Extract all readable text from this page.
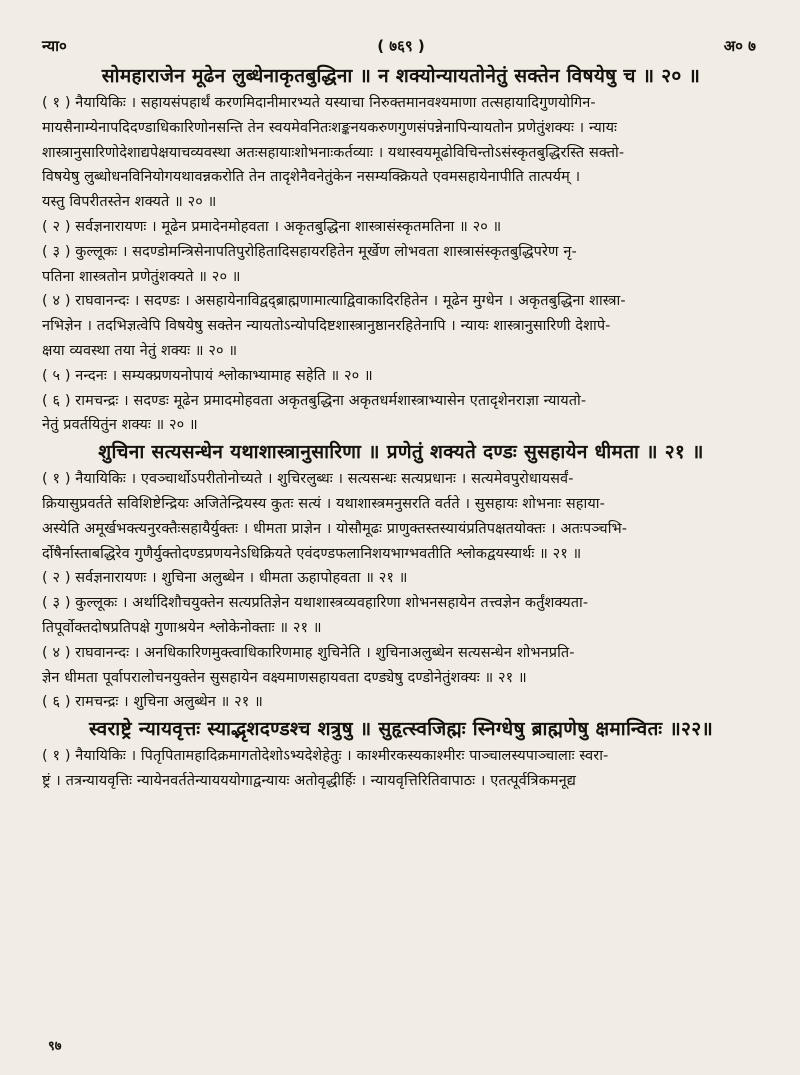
न्या०	( ७६९ )	अ० ७
सोमहाराजेन मूढेन लुब्धेनाकृतबुद्धिना ॥ न शक्योन्यायतोनेतुं सक्तेन विषयेषु च ॥ २० ॥
( १ ) नैयायिकिः । सहायसंपहार्थं करणमिदानीमारभ्यते यस्याचा निरुक्तमानवश्यमाणा तत्सहायादिगुणयोगिन-
मायसैनाम्येनापदिदण्डाधिकारिणोनसन्ति तेन स्वयमेवनितःशङ्कनयकरुणगुणसंपन्नेनापिन्यायतोन प्रणेतुंशक्यः । न्यायः
शास्त्रानुसारिणोदेशाद्यपेक्षयाचव्यवस्था अतःसहायाःशोभनाःकर्तव्याः । यथास्वयमूढोविचिन्तोऽसंस्कृतबुद्धिरस्ति सक्तो-
विषयेषु लुब्धोधनविनियोगयथावन्नकरोति तेन तादृशेनैवनेतुंकेन नसम्यक्क्रियते एवमसहायेनापीति तात्पर्यम् ।
यस्तु विपरीतस्तेन शक्यते ॥ २० ॥
( २ ) सर्वज्ञनारायणः । मूढेन प्रमादेनमोहवता । अकृतबुद्धिना शास्त्रासंस्कृतमतिना ॥ २० ॥
( ३ ) कुल्लूकः । सदण्डोमन्त्रिसेनापतिपुरोहितादिसहायरहितेन मूर्खेण लोभवता शास्त्रासंस्कृतबुद्धिपरेण नृ-
पतिना शास्त्रतोन प्रणेतुंशक्यते ॥ २० ॥
( ४ ) राघवानन्दः । सदण्डः । असहायेनाविद्वद्ब्राह्मणामात्याद्विवाकादिरहितेन । मूढेन मुग्धेन । अकृतबुद्धिना शास्त्रा-
नभिज्ञेन । तदभिज्ञत्वेपि विषयेषु सक्तेन न्यायतोऽन्योपदिष्टशास्त्रानुष्ठानरहितेनापि । न्यायः शास्त्रानुसारिणी देशापे-
क्षया व्यवस्था तया नेतुं शक्यः ॥ २० ॥
( ५ ) नन्दनः । सम्यक्प्रणयनोपायं श्लोकाभ्यामाह सहेति ॥ २० ॥
( ६ ) रामचन्द्रः । सदण्डः मूढेन प्रमादमोहवता अकृतबुद्धिना अकृतधर्मशास्त्राभ्यासेन एतादृशेनराज्ञा न्यायतो-
नेतुं प्रवर्तयितुंन शक्यः ॥ २० ॥
शुचिना सत्यसन्धेन यथाशास्त्रानुसारिणा ॥ प्रणेतुं शक्यते दण्डः सुसहायेन धीमता ॥ २१ ॥
( १ ) नैयायिकिः । एवञ्चार्थोऽपरीतोनोच्यते । शुचिरलुब्धः । सत्यसन्धः सत्यप्रधानः । सत्यमेवपुरोधायसर्वं-
क्रियासुप्रवर्तते सविशिष्टेन्द्रियः अजितेन्द्रियस्य कुतः सत्यं । यथाशास्त्रमनुसरति वर्तते । सुसहायः शोभनाः सहाया-
अस्येति अमूर्खभक्त्यनुरक्तैःसहायैर्युक्तः । धीमता प्राज्ञेन । योसौमूढः प्राणुक्तस्तस्यायंप्रतिपक्षतयोक्तः । अतःपञ्चभि-
र्दोषैर्नास्ताबद्धिरेव गुणैर्युक्तोदण्डप्रणयनेऽधिक्रियते एवंदण्डफलानिशयभाग्भवतीति श्लोकद्वयस्यार्थः ॥ २१ ॥
( २ ) सर्वज्ञनारायणः । शुचिना अलुब्धेन । धीमता ऊहापोहवता ॥ २१ ॥
( ३ ) कुल्लूकः । अर्थादिशौचयुक्तेन सत्यप्रतिज्ञेन यथाशास्त्रव्यवहारिणा शोभनसहायेन तत्त्वज्ञेन कर्तुंशक्यता-
तिपूर्वोक्तदोषप्रतिपक्षे गुणाश्रयेन श्लोकेनोक्ताः ॥ २१ ॥
( ४ ) राघवानन्दः । अनधिकारिणमुक्त्वाधिकारिणमाह शुचिनेति । शुचिनाअलुब्धेन सत्यसन्धेन शोभनप्रति-
ज्ञेन धीमता पूर्वापरालोचनयुक्तेन सुसहायेन वक्ष्यमाणसहायवता दण्ड्येषु दण्डोनेतुंशक्यः ॥ २१ ॥
( ६ ) रामचन्द्रः । शुचिना अलुब्धेन ॥ २१ ॥
स्वराष्ट्रे न्यायवृत्तः स्याद्भृशदण्डश्च शत्रुषु ॥ सुहृत्स्वजिह्मः स्निग्धेषु ब्राह्मणेषु क्षमान्वितः ॥२२॥
( १ ) नैयायिकिः । पितृपितामहादिक्रमागतोदेशोऽभ्यदेशेहेतुः । काश्मीरकस्यकाश्मीरः पाञ्चालस्यपाञ्चालाः स्वरा-
ष्ट्रं । तत्रन्यायवृत्तिः न्यायेनवर्ततेन्यायययोगाद्वन्यायः अतोवृद्धीर्हिः । न्यायवृत्तिरितिवापाठः । एतत्पूर्वत्रिकमनूद्य
९७
